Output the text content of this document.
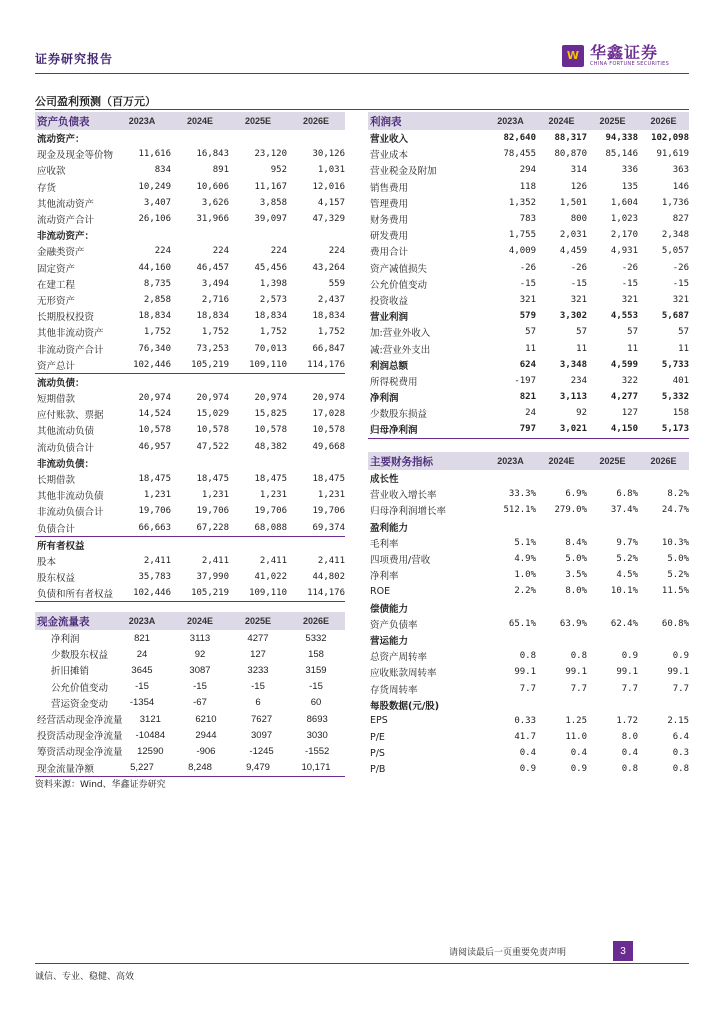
证券研究报告	W 华鑫证券
CHINA FORTUNE SECURITIES
公司盈利预测（百万元）
资产负债表	2023A	2024E	2025E	2026E
流动资产：
现金及现金等价物	11,616	16,843	23,120	30,126
应收款	834	891	952	1,031
存货	10,249	10,606	11,167	12,016
其他流动资产	3,407	3,626	3,858	4,157
流动资产合计	26,106	31,966	39,097	47,329
非流动资产：
金融类资产	224	224	224	224
固定资产	44,160	46,457	45,456	43,264
在建工程	8,735	3,494	1,398	559
无形资产	2,858	2,716	2,573	2,437
长期股权投资	18,834	18,834	18,834	18,834
其他非流动资产	1,752	1,752	1,752	1,752
非流动资产合计	76,340	73,253	70,013	66,847
资产总计	102,446	105,219	109,110	114,176
流动负债：
短期借款	20,974	20,974	20,974	20,974
应付账款、票据	14,524	15,029	15,825	17,028
其他流动负债	10,578	10,578	10,578	10,578
流动负债合计	46,957	47,522	48,382	49,668
非流动负债：
长期借款	18,475	18,475	18,475	18,475
其他非流动负债	1,231	1,231	1,231	1,231
非流动负债合计	19,706	19,706	19,706	19,706
负债合计	66,663	67,228	68,088	69,374
所有者权益
股本	2,411	2,411	2,411	2,411
股东权益	35,783	37,990	41,022	44,802
负债和所有者权益	102,446	105,219	109,110	114,176
利润表	2023A	2024E	2025E	2026E
营业收入	82,640	88,317	94,338	102,098
营业成本	78,455	80,870	85,146	91,619
营业税金及附加	294	314	336	363
销售费用	118	126	135	146
管理费用	1,352	1,501	1,604	1,736
财务费用	783	800	1,023	827
研发费用	1,755	2,031	2,170	2,348
费用合计	4,009	4,459	4,931	5,057
资产减值损失	-26	-26	-26	-26
公允价值变动	-15	-15	-15	-15
投资收益	321	321	321	321
营业利润	579	3,302	4,553	5,687
加:营业外收入	57	57	57	57
减:营业外支出	11	11	11	11
利润总额	624	3,348	4,599	5,733
所得税费用	-197	234	322	401
净利润	821	3,113	4,277	5,332
少数股东损益	24	92	127	158
归母净利润	797	3,021	4,150	5,173
主要财务指标	2023A	2024E	2025E	2026E
成长性
营业收入增长率	33.3%	6.9%	6.8%	8.2%
归母净利润增长率	512.1%	279.0%	37.4%	24.7%
盈利能力
毛利率	5.1%	8.4%	9.7%	10.3%
四项费用/营收	4.9%	5.0%	5.2%	5.0%
净利率	1.0%	3.5%	4.5%	5.2%
ROE	2.2%	8.0%	10.1%	11.5%
偿债能力
资产负债率	65.1%	63.9%	62.4%	60.8%
营运能力
总资产周转率	0.8	0.8	0.9	0.9
应收账款周转率	99.1	99.1	99.1	99.1
存货周转率	7.7	7.7	7.7	7.7
每股数据(元/股)
EPS	0.33	1.25	1.72	2.15
P/E	41.7	11.0	8.0	6.4
P/S	0.4	0.4	0.4	0.3
P/B	0.9	0.9	0.8	0.8
现金流量表	2023A	2024E	2025E	2026E
净利润	821	3113	4277	5332
少数股东权益	24	92	127	158
折旧摊销	3645	3087	3233	3159
公允价值变动	-15	-15	-15	-15
营运资金变动	-1354	-67	6	60
经营活动现金净流量	3121	6210	7627	8693
投资活动现金净流量	-10484	2944	3097	3030
筹资活动现金净流量	12590	-906	-1245	-1552
现金流量净额	5,227	8,248	9,479	10,171
资料来源：Wind、华鑫证券研究
请阅读最后一页重要免责声明	3
诚信、专业、稳健、高效
